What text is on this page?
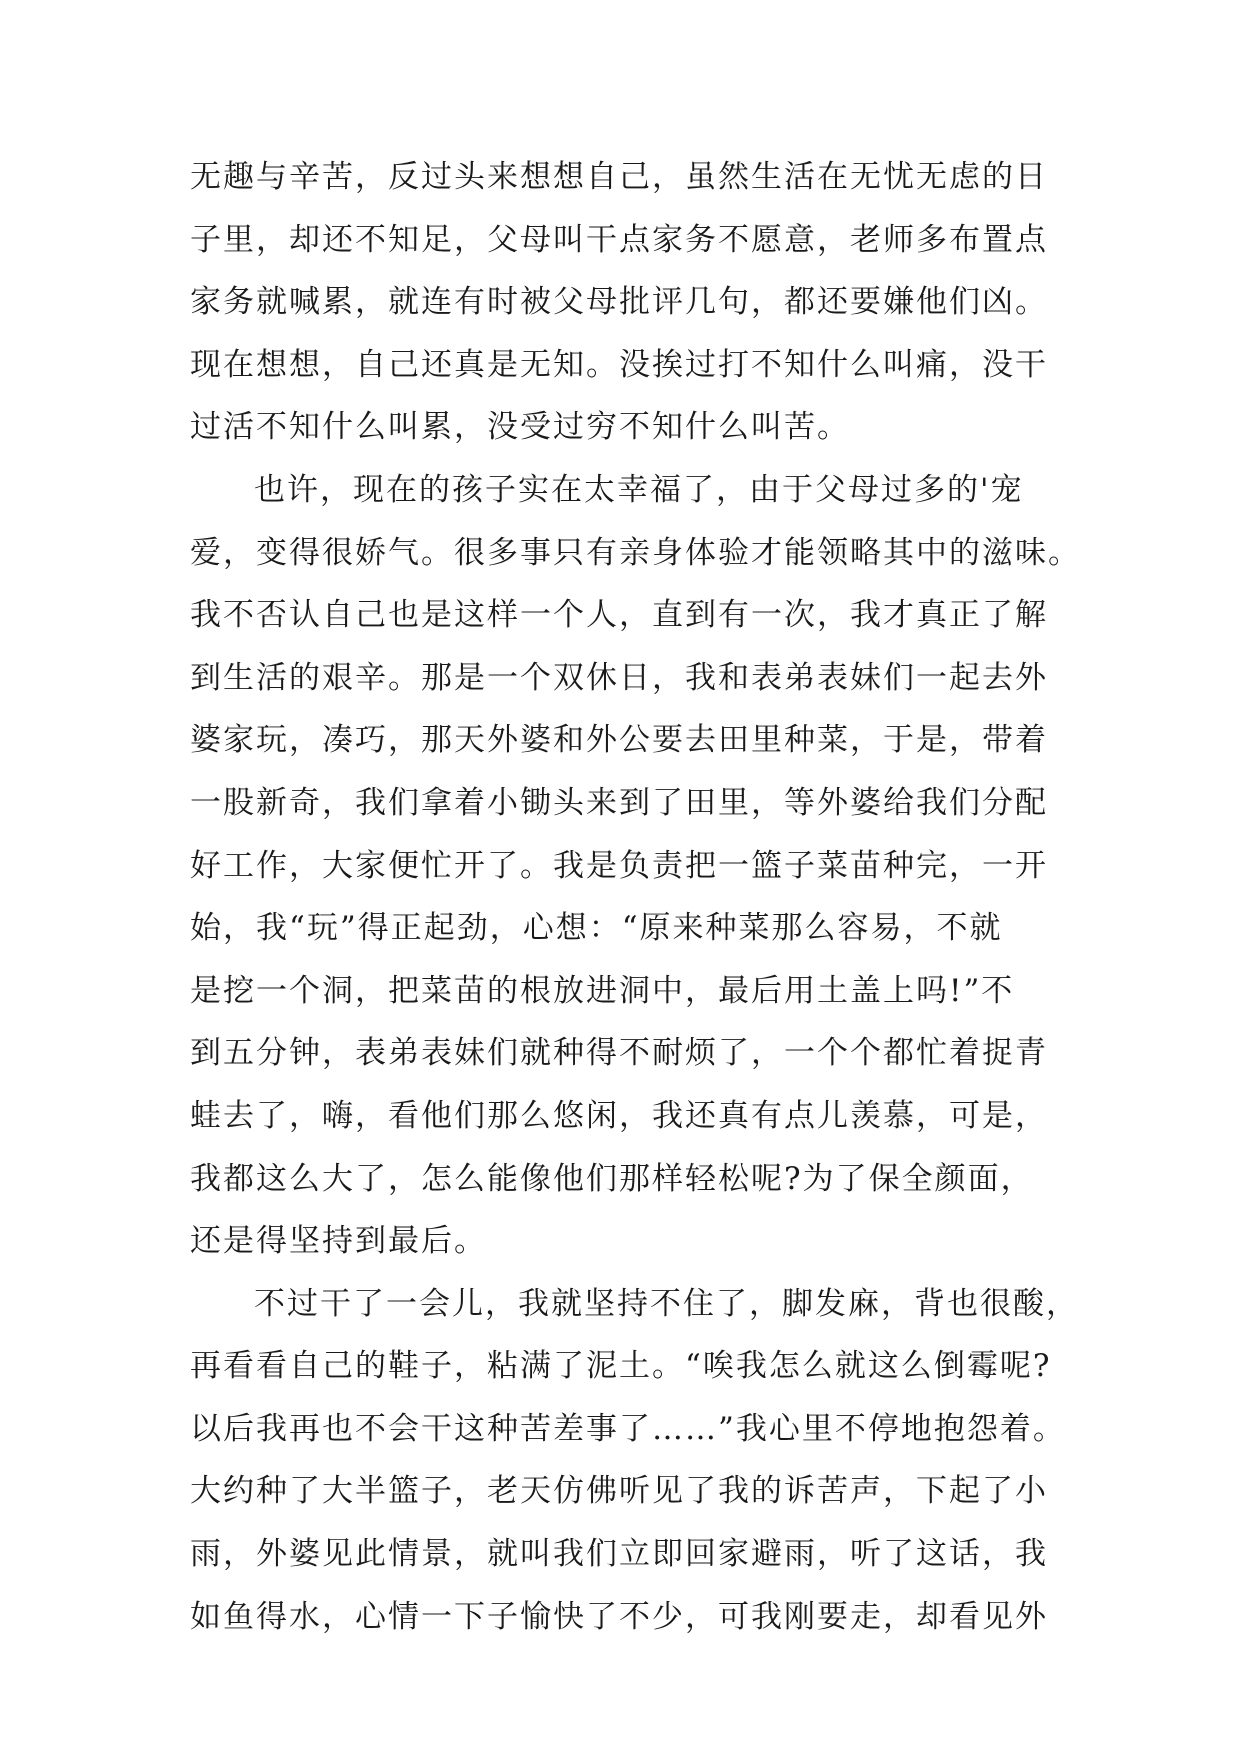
无趣与辛苦，反过头来想想自己，虽然生活在无忧无虑的日
子里，却还不知足，父母叫干点家务不愿意，老师多布置点
家务就喊累，就连有时被父母批评几句，都还要嫌他们凶。
现在想想，自己还真是无知。没挨过打不知什么叫痛，没干
过活不知什么叫累，没受过穷不知什么叫苦。
也许，现在的孩子实在太幸福了，由于父母过多的'宠
爱，变得很娇气。很多事只有亲身体验才能领略其中的滋味。
我不否认自己也是这样一个人，直到有一次，我才真正了解
到生活的艰辛。那是一个双休日，我和表弟表妹们一起去外
婆家玩，凑巧，那天外婆和外公要去田里种菜，于是，带着
一股新奇，我们拿着小锄头来到了田里，等外婆给我们分配
好工作，大家便忙开了。我是负责把一篮子菜苗种完，一开
始，我“玩”得正起劲，心想：“原来种菜那么容易，不就
是挖一个洞，把菜苗的根放进洞中，最后用土盖上吗!”不
到五分钟，表弟表妹们就种得不耐烦了，一个个都忙着捉青
蛙去了，嗨，看他们那么悠闲，我还真有点儿羡慕，可是，
我都这么大了，怎么能像他们那样轻松呢?为了保全颜面，
还是得坚持到最后。
不过干了一会儿，我就坚持不住了，脚发麻，背也很酸，
再看看自己的鞋子，粘满了泥土。“唉我怎么就这么倒霉呢?
以后我再也不会干这种苦差事了……”我心里不停地抱怨着。
大约种了大半篮子，老天仿佛听见了我的诉苦声，下起了小
雨，外婆见此情景，就叫我们立即回家避雨，听了这话，我
如鱼得水，心情一下子愉快了不少，可我刚要走，却看见外
